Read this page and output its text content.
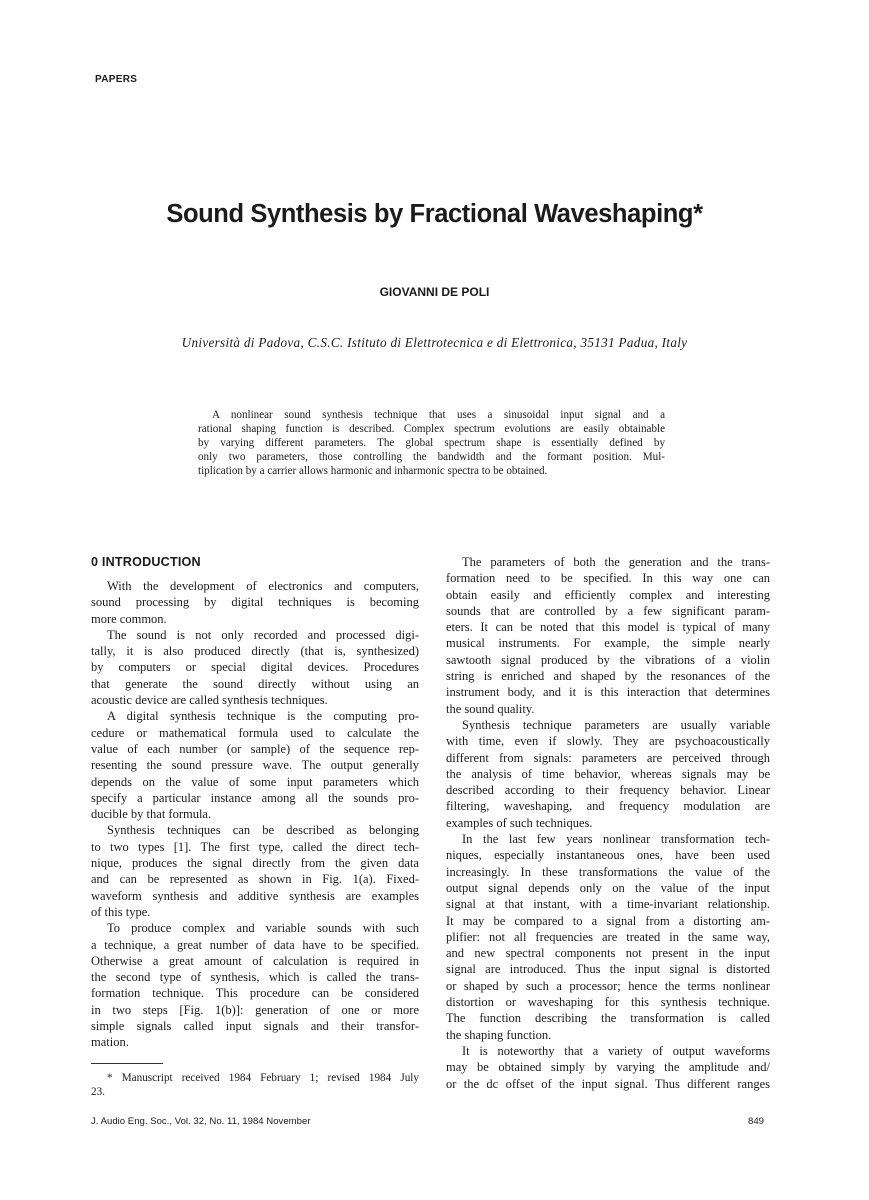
PAPERS
Sound Synthesis by Fractional Waveshaping*
GIOVANNI DE POLI
Università di Padova, C.S.C. Istituto di Elettrotecnica e di Elettronica, 35131 Padua, Italy
A nonlinear sound synthesis technique that uses a sinusoidal input signal and a
rational shaping function is described. Complex spectrum evolutions are easily obtainable
by varying different parameters. The global spectrum shape is essentially defined by
only two parameters, those controlling the bandwidth and the formant position. Mul-
tiplication by a carrier allows harmonic and inharmonic spectra to be obtained.
0 INTRODUCTION
With the development of electronics and computers,
sound processing by digital techniques is becoming
more common.
The sound is not only recorded and processed digi-
tally, it is also produced directly (that is, synthesized)
by computers or special digital devices. Procedures
that generate the sound directly without using an
acoustic device are called synthesis techniques.
A digital synthesis technique is the computing pro-
cedure or mathematical formula used to calculate the
value of each number (or sample) of the sequence rep-
resenting the sound pressure wave. The output generally
depends on the value of some input parameters which
specify a particular instance among all the sounds pro-
ducible by that formula.
Synthesis techniques can be described as belonging
to two types [1]. The first type, called the direct tech-
nique, produces the signal directly from the given data
and can be represented as shown in Fig. 1(a). Fixed-
waveform synthesis and additive synthesis are examples
of this type.
To produce complex and variable sounds with such
a technique, a great number of data have to be specified.
Otherwise a great amount of calculation is required in
the second type of synthesis, which is called the trans-
formation technique. This procedure can be considered
in two steps [Fig. 1(b)]: generation of one or more
simple signals called input signals and their transfor-
mation.
The parameters of both the generation and the trans-
formation need to be specified. In this way one can
obtain easily and efficiently complex and interesting
sounds that are controlled by a few significant param-
eters. It can be noted that this model is typical of many
musical instruments. For example, the simple nearly
sawtooth signal produced by the vibrations of a violin
string is enriched and shaped by the resonances of the
instrument body, and it is this interaction that determines
the sound quality.
Synthesis technique parameters are usually variable
with time, even if slowly. They are psychoacoustically
different from signals: parameters are perceived through
the analysis of time behavior, whereas signals may be
described according to their frequency behavior. Linear
filtering, waveshaping, and frequency modulation are
examples of such techniques.
In the last few years nonlinear transformation tech-
niques, especially instantaneous ones, have been used
increasingly. In these transformations the value of the
output signal depends only on the value of the input
signal at that instant, with a time-invariant relationship.
It may be compared to a signal from a distorting am-
plifier: not all frequencies are treated in the same way,
and new spectral components not present in the input
signal are introduced. Thus the input signal is distorted
or shaped by such a processor; hence the terms nonlinear
distortion or waveshaping for this synthesis technique.
The function describing the transformation is called
the shaping function.
It is noteworthy that a variety of output waveforms
may be obtained simply by varying the amplitude and/
or the dc offset of the input signal. Thus different ranges
* Manuscript received 1984 February 1; revised 1984 July
23.
J. Audio Eng. Soc., Vol. 32, No. 11, 1984 November	849
